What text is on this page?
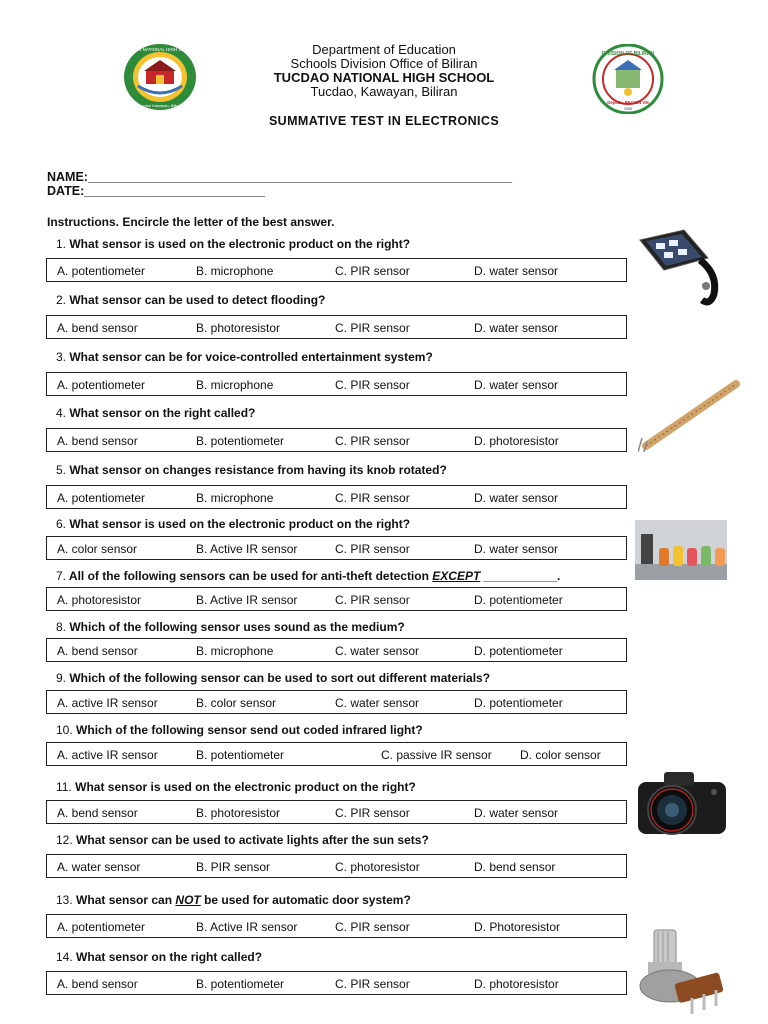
TUCDAO NATIONAL HIGH SCHOOL
Tucdao Kawayan, Biliran
DIVISION OF BILIRAN
DepED · REGION VIII
2005
Department of Education
Schools Division Office of Biliran
TUCDAO NATIONAL HIGH SCHOOL
Tucdao, Kawayan, Biliran
SUMMATIVE TEST IN ELECTRONICS
NAME:_____________________________________________________________
DATE:__________________________
Instructions. Encircle the letter of the best answer.
1. What sensor is used on the electronic product on the right?
A. potentiometer	B. microphone	C. PIR sensor	D. water sensor
2. What sensor can be used to detect flooding?
A. bend sensor	B. photoresistor	C. PIR sensor	D. water sensor
3. What sensor can be for voice-controlled entertainment system?
A. potentiometer	B. microphone	C. PIR sensor	D. water sensor
4. What sensor on the right called?
A. bend sensor	B. potentiometer	C. PIR sensor	D. photoresistor
5. What sensor on changes resistance from having its knob rotated?
A. potentiometer	B. microphone	C. PIR sensor	D. water sensor
6. What sensor is used on the electronic product on the right?
A. color sensor	B. Active IR sensor	C. PIR sensor	D. water sensor
7. All of the following sensors can be used for anti-theft detection EXCEPT ___________.
A. photoresistor	B. Active IR sensor	C. PIR sensor	D. potentiometer
8. Which of the following sensor uses sound as the medium?
A. bend sensor	B. microphone	C. water sensor	D. potentiometer
9. Which of the following sensor can be used to sort out different materials?
A. active IR sensor	B. color sensor	C. water sensor	D. potentiometer
10. Which of the following sensor send out coded infrared light?
A. active IR sensor	B. potentiometer	C. passive IR sensor D. color sensor
11. What sensor is used on the electronic product on the right?
A. bend sensor	B. photoresistor	C. PIR sensor	D. water sensor
12. What sensor can be used to activate lights after the sun sets?
A. water sensor	B. PIR sensor	C. photoresistor	D. bend sensor
13. What sensor can NOT be used for automatic door system?
A. potentiometer	B. Active IR sensor	C. PIR sensor	D. Photoresistor
14. What sensor on the right called?
A. bend sensor	B. potentiometer	C. PIR sensor	D. photoresistor
